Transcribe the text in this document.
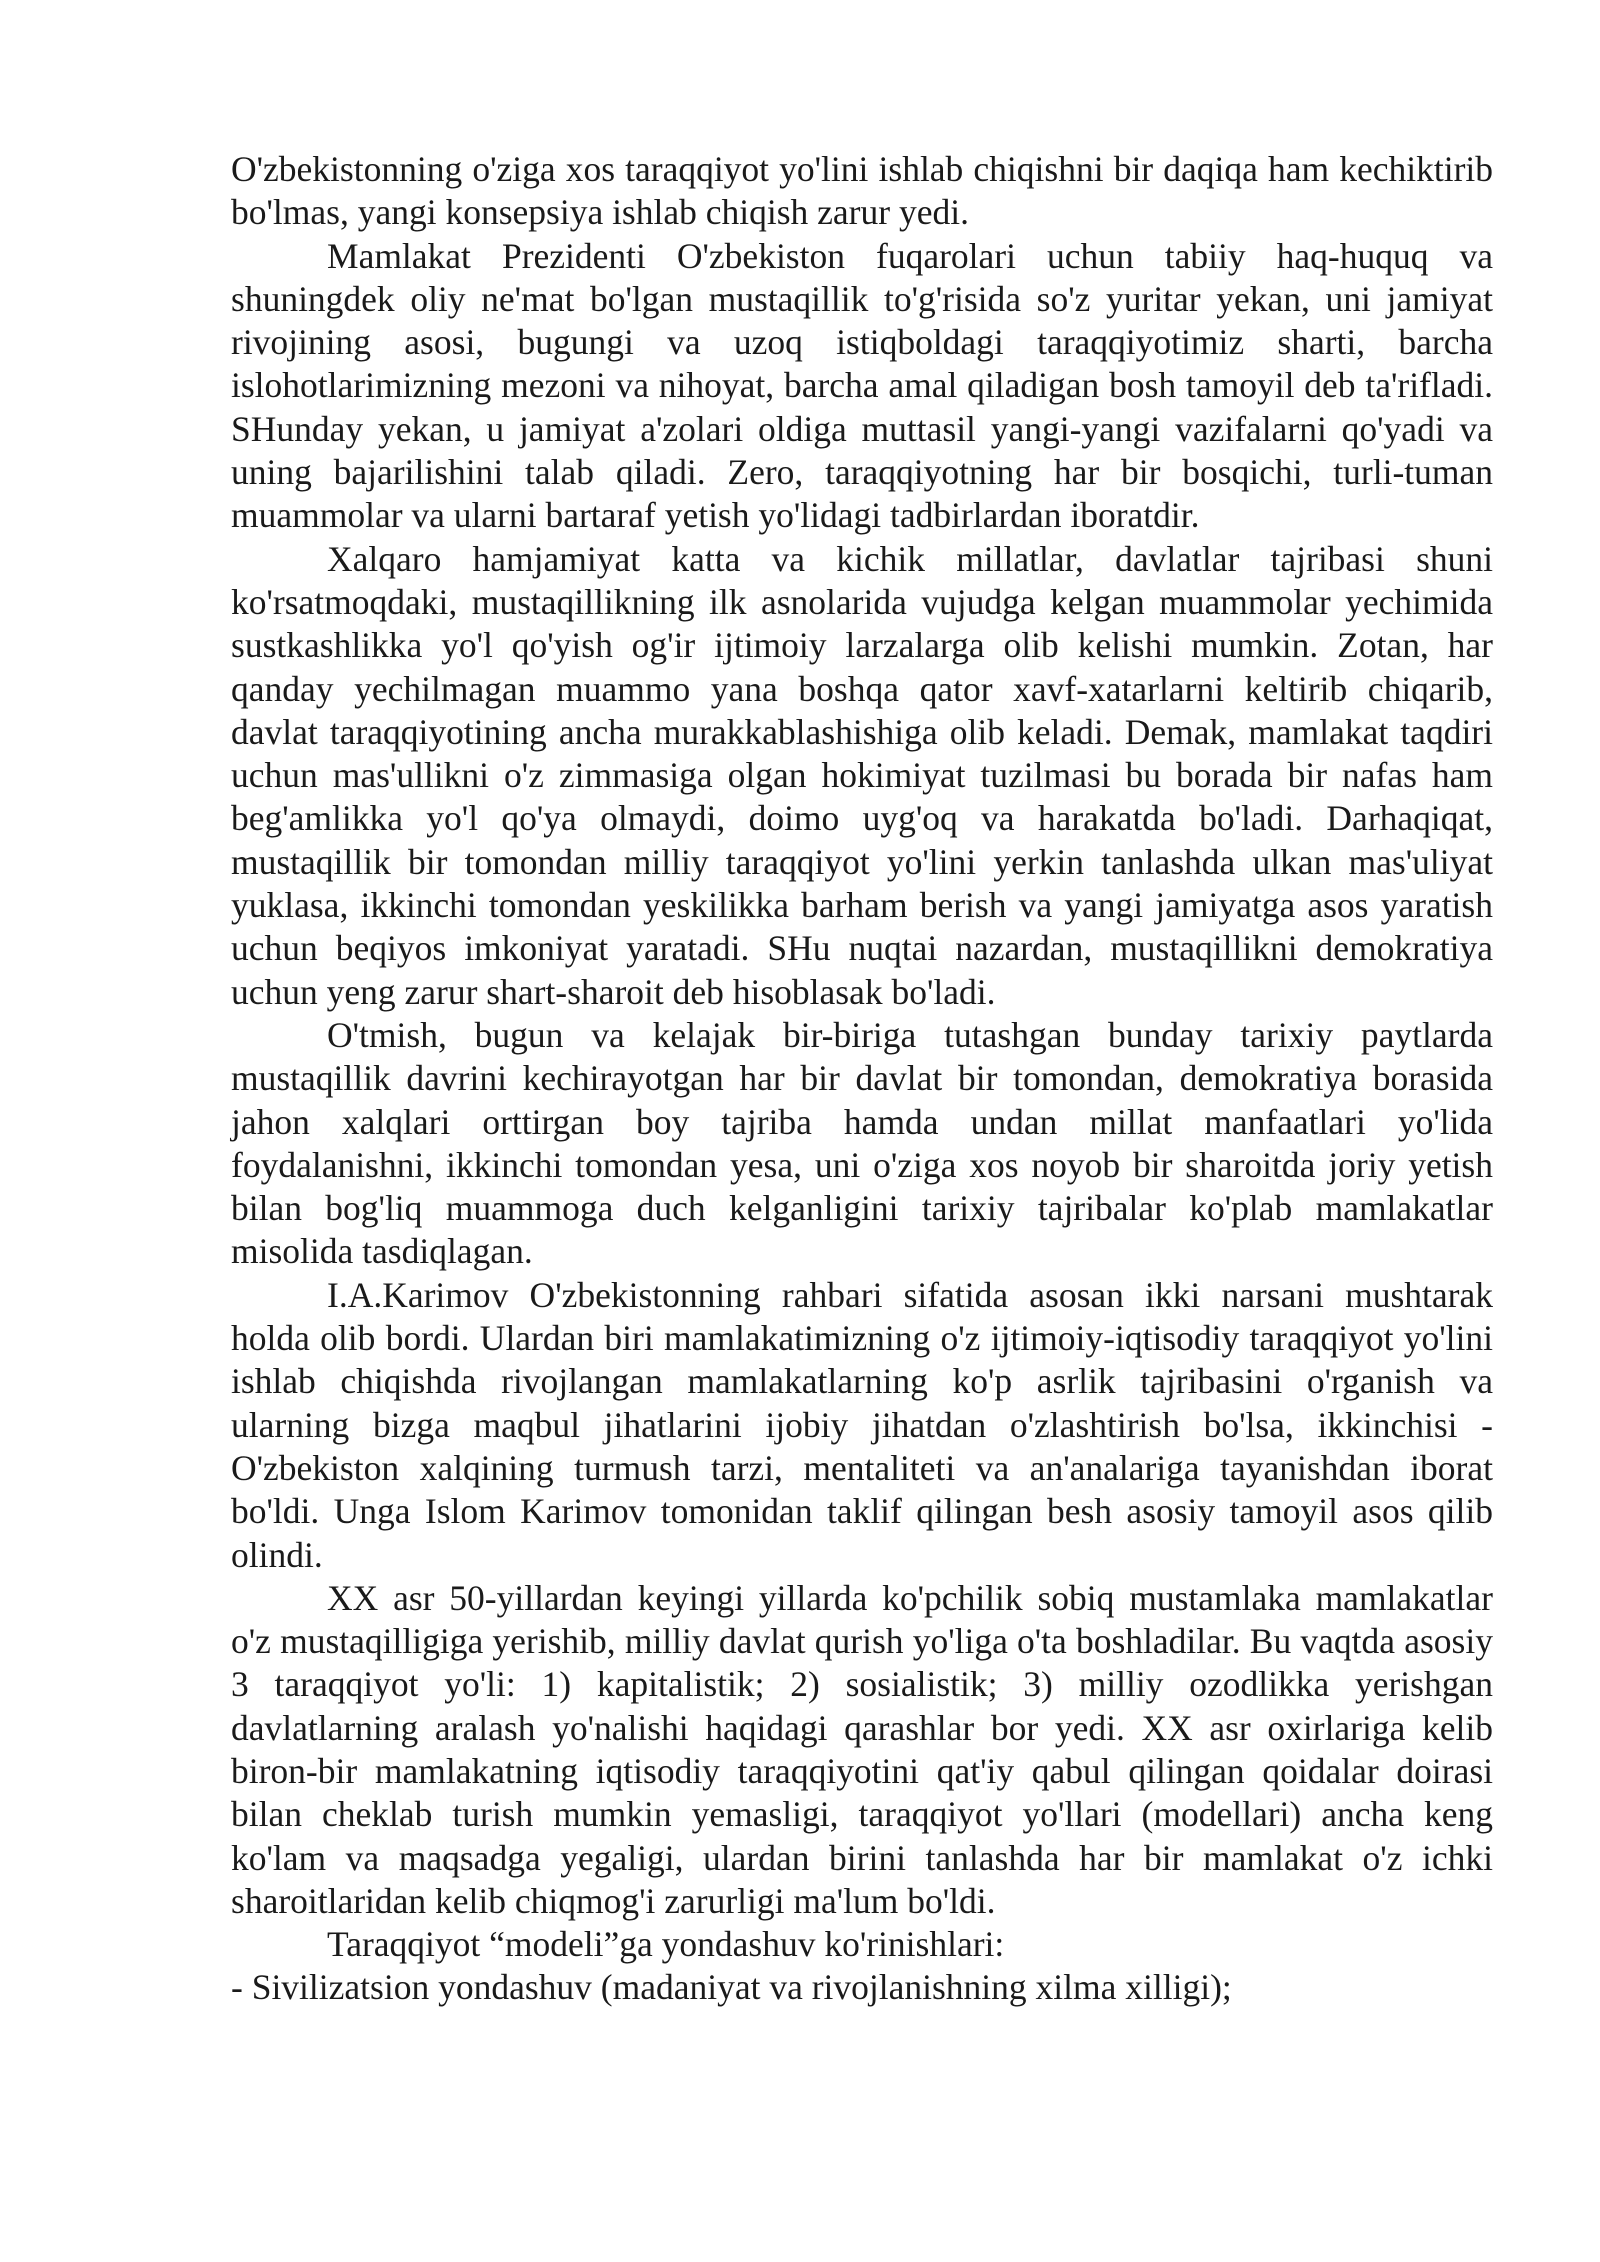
O'zbekistonning o'ziga xos taraqqiyot yo'lini ishlab chiqishni bir daqiqa ham kechiktirib bo'lmas, yangi konsepsiya ishlab chiqish zarur yedi.

Mamlakat Prezidenti O'zbekiston fuqarolari uchun tabiiy haq-huquq va shuningdek oliy ne'mat bo'lgan mustaqillik to'g'risida so'z yuritar yekan, uni jamiyat rivojining asosi, bugungi va uzoq istiqboldagi taraqqiyotimiz sharti, barcha islohotlarimizning mezoni va nihoyat, barcha amal qiladigan bosh tamoyil deb ta'rifladi. SHunday yekan, u jamiyat a'zolari oldiga muttasil yangi-yangi vazifalarni qo'yadi va uning bajarilishini talab qiladi. Zero, taraqqiyotning har bir bosqichi, turli-tuman muammolar va ularni bartaraf yetish yo'lidagi tadbirlardan iboratdir.

Xalqaro hamjamiyat katta va kichik millatlar, davlatlar tajribasi shuni ko'rsatmoqdaki, mustaqillikning ilk asnolarida vujudga kelgan muammolar yechimida sustkashlikka yo'l qo'yish og'ir ijtimoiy larzalarga olib kelishi mumkin. Zotan, har qanday yechilmagan muammo yana boshqa qator xavf-xatarlarni keltirib chiqarib, davlat taraqqiyotining ancha murakkablashishiga olib keladi. Demak, mamlakat taqdiri uchun mas'ullikni o'z zimmasiga olgan hokimiyat tuzilmasi bu borada bir nafas ham beg'amlikka yo'l qo'ya olmaydi, doimo uyg'oq va harakatda bo'ladi. Darhaqiqat, mustaqillik bir tomondan milliy taraqqiyot yo'lini yerkin tanlashda ulkan mas'uliyat yuklasa, ikkinchi tomondan yeskilikka barham berish va yangi jamiyatga asos yaratish uchun beqiyos imkoniyat yaratadi. SHu nuqtai nazardan, mustaqillikni demokratiya uchun yeng zarur shart-sharoit deb hisoblasak bo'ladi.

O'tmish, bugun va kelajak bir-biriga tutashgan bunday tarixiy paytlarda mustaqillik davrini kechirayotgan har bir davlat bir tomondan, demokratiya borasida jahon xalqlari orttirgan boy tajriba hamda undan millat manfaatlari yo'lida foydalanishni, ikkinchi tomondan yesa, uni o'ziga xos noyob bir sharoitda joriy yetish bilan bog'liq muammoga duch kelganligini tarixiy tajribalar ko'plab mamlakatlar misolida tasdiqlagan.

I.A.Karimov O'zbekistonning rahbari sifatida asosan ikki narsani mushtarak holda olib bordi. Ulardan biri mamlakatimizning o'z ijtimoiy-iqtisodiy taraqqiyot yo'lini ishlab chiqishda rivojlangan mamlakatlarning ko'p asrlik tajribasini o'rganish va ularning bizga maqbul jihatlarini ijobiy jihatdan o'zlashtirish bo'lsa, ikkinchisi - O'zbekiston xalqining turmush tarzi, mentaliteti va an'analariga tayanishdan iborat bo'ldi. Unga Islom Karimov tomonidan taklif qilingan besh asosiy tamoyil asos qilib olindi.

XX asr 50-yillardan keyingi yillarda ko'pchilik sobiq mustamlaka mamlakatlar o'z mustaqilligiga yerishib, milliy davlat qurish yo'liga o'ta boshladilar. Bu vaqtda asosiy 3 taraqqiyot yo'li: 1) kapitalistik; 2) sosialistik; 3) milliy ozodlikka yerishgan davlatlarning aralash yo'nalishi haqidagi qarashlar bor yedi. XX asr oxirlariga kelib biron-bir mamlakatning iqtisodiy taraqqiyotini qat'iy qabul qilingan qoidalar doirasi bilan cheklab turish mumkin yemasligi, taraqqiyot yo'llari (modellari) ancha keng ko'lam va maqsadga yegaligi, ulardan birini tanlashda har bir mamlakat o'z ichki sharoitlaridan kelib chiqmog'i zarurligi ma'lum bo'ldi.

Taraqqiyot “modeli”ga yondashuv ko'rinishlari:

- Sivilizatsion yondashuv (madaniyat va rivojlanishning xilma xilligi);
